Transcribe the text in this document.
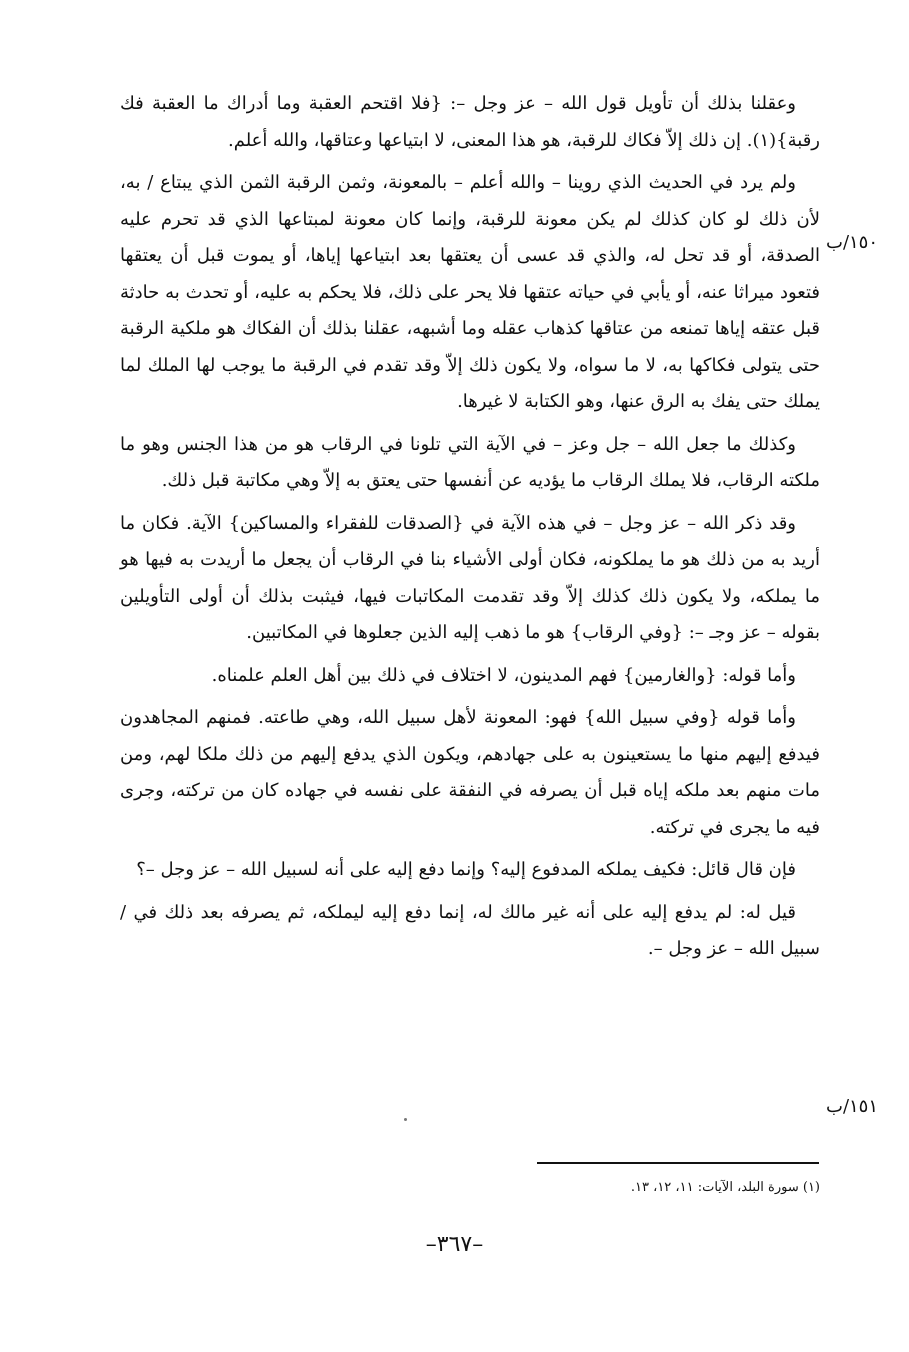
وعقلنا بذلك أن تأويل قول الله – عز وجل –: {فلا اقتحم العقبة وما أدراك ما العقبة فك رقبة}(١). إن ذلك إلاّ فكاك للرقبة، هو هذا المعنى، لا ابتياعها وعتاقها، والله أعلم.

ولم يرد في الحديث الذي روينا – والله أعلم – بالمعونة، وثمن الرقبة الثمن الذي يبتاع / به، لأن ذلك لو كان كذلك لم يكن معونة للرقبة، وإنما كان معونة لمبتاعها الذي قد تحرم عليه الصدقة، أو قد تحل له، والذي قد عسى أن يعتقها بعد ابتياعها إياها، أو يموت قبل أن يعتقها فتعود ميراثا عنه، أو يأبي في حياته عتقها فلا يحر على ذلك، فلا يحكم به عليه، أو تحدث به حادثة قبل عتقه إياها تمنعه من عتاقها كذهاب عقله وما أشبهه، عقلنا بذلك أن الفكاك هو ملكية الرقبة حتى يتولى فكاكها به، لا ما سواه، ولا يكون ذلك إلاّ وقد تقدم في الرقبة ما يوجب لها الملك لما يملك حتى يفك به الرق عنها، وهو الكتابة لا غيرها.

وكذلك ما جعل الله – جل وعز – في الآية التي تلونا في الرقاب هو من هذا الجنس وهو ما ملكته الرقاب، فلا يملك الرقاب ما يؤديه عن أنفسها حتى يعتق به إلاّ وهي مكاتبة قبل ذلك.

وقد ذكر الله – عز وجل – في هذه الآية في {الصدقات للفقراء والمساكين} الآية. فكان ما أريد به من ذلك هو ما يملكونه، فكان أولى الأشياء بنا في الرقاب أن يجعل ما أريدت به فيها هو ما يملكه، ولا يكون ذلك كذلك إلاّ وقد تقدمت المكاتبات فيها، فيثبت بذلك أن أولى التأويلين بقوله – عز وجـ –: {وفي الرقاب} هو ما ذهب إليه الذين جعلوها في المكاتبين.

وأما قوله: {والغارمين} فهم المدينون، لا اختلاف في ذلك بين أهل العلم علمناه.

وأما قوله {وفي سبيل الله} فهو: المعونة لأهل سبيل الله، وهي طاعته. فمنهم المجاهدون فيدفع إليهم منها ما يستعينون به على جهادهم، ويكون الذي يدفع إليهم من ذلك ملكا لهم، ومن مات منهم بعد ملكه إياه قبل أن يصرفه في النفقة على نفسه في جهاده كان من تركته، وجرى فيه ما يجرى في تركته.

فإن قال قائل: فكيف يملكه المدفوع إليه؟ وإنما دفع إليه على أنه لسبيل الله – عز وجل –؟

قيل له: لم يدفع إليه على أنه غير مالك له، إنما دفع إليه ليملكه، ثم يصرفه بعد ذلك في / سبيل الله – عز وجل –.

١٥٠/ب
١٥١/ب
(١) سورة البلد، الآيات: ١١، ١٢، ١٣.
–٣٦٧–
